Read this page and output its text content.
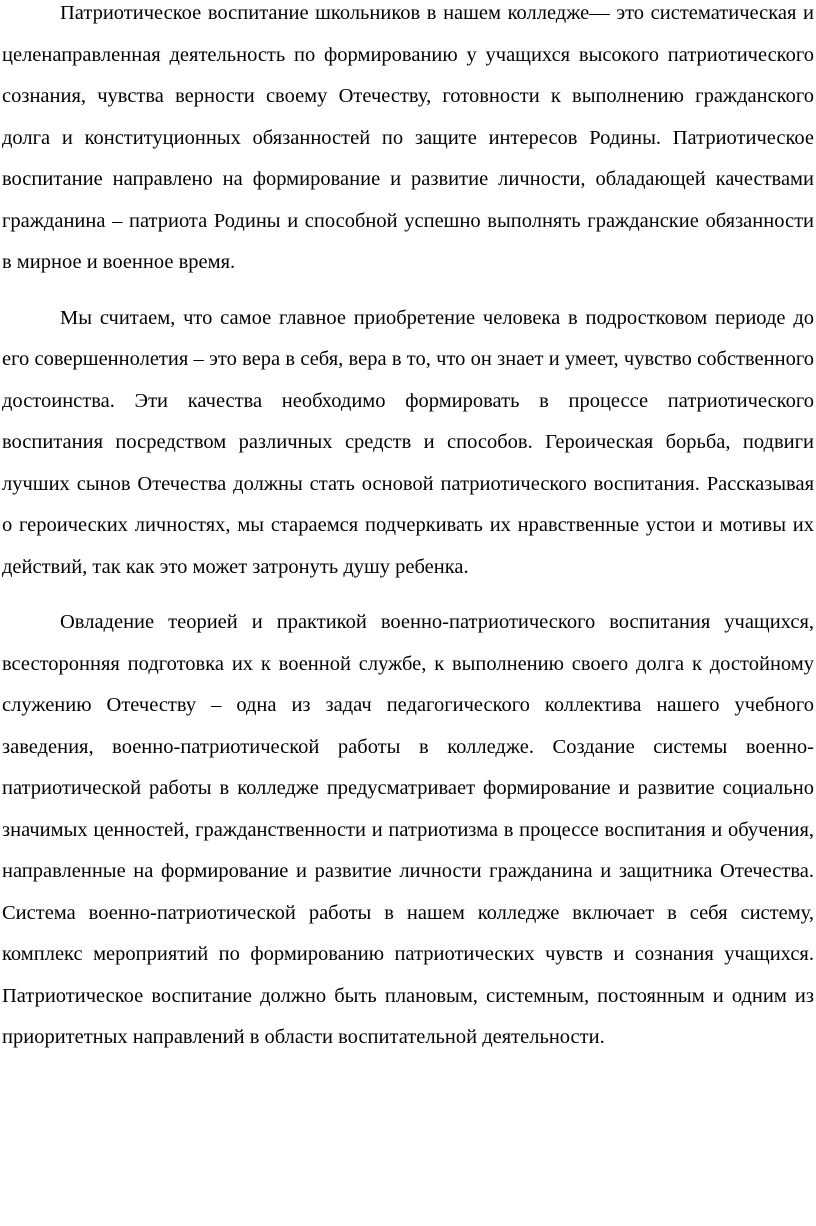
Патриотическое воспитание школьников в нашем колледже— это систематическая и целенаправленная деятельность по формированию у учащихся высокого патриотического сознания, чувства верности своему Отечеству, готовности к выполнению гражданского долга и конституционных обязанностей по защите интересов Родины. Патриотическое воспитание направлено на формирование и развитие личности, обладающей качествами гражданина – патриота Родины и способной успешно выполнять гражданские обязанности в мирное и военное время.

Мы считаем, что самое главное приобретение человека в подростковом периоде до его совершеннолетия – это вера в себя, вера в то, что он знает и умеет, чувство собственного достоинства. Эти качества необходимо формировать в процессе патриотического воспитания посредством различных средств и способов. Героическая борьба, подвиги лучших сынов Отечества должны стать основой патриотического воспитания. Рассказывая о героических личностях, мы стараемся подчеркивать их нравственные устои и мотивы их действий, так как это может затронуть душу ребенка.

Овладение теорией и практикой военно-патриотического воспитания учащихся, всесторонняя подготовка их к военной службе, к выполнению своего долга к достойному служению Отечеству – одна из задач педагогического коллектива нашего учебного заведения, военно-патриотической работы в колледже. Создание системы военно-патриотической работы в колледже предусматривает формирование и развитие социально значимых ценностей, гражданственности и патриотизма в процессе воспитания и обучения, направленные на формирование и развитие личности гражданина и защитника Отечества. Система военно-патриотической работы в нашем колледже включает в себя систему, комплекс мероприятий по формированию патриотических чувств и сознания учащихся. Патриотическое воспитание должно быть плановым, системным, постоянным и одним из приоритетных направлений в области воспитательной деятельности.
